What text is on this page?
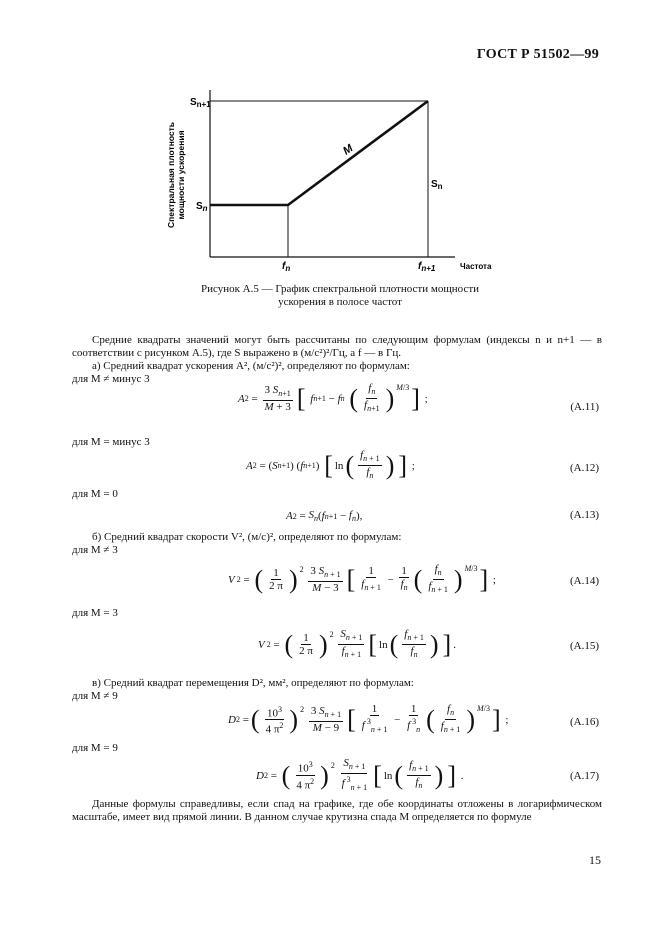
ГОСТ Р 51502—99
Спектральная плотность мощности ускорения
$S_{n+1}$
$S_n$
$f_n$	$f_{n+1}$	Частота
M
$S_n$
Рисунок А.5 — График спектральной плотности мощности
ускорения в полосе частот
Средние квадраты значений могут быть рассчитаны по следующим формулам (индексы n и n+1 — в соответствии с рисунком А.5), где S выражено в (м/с²)²/Гц, а f — в Гц.
а) Средний квадрат ускорения A², (м/с²)², определяют по формулам:
для M ≠ минус 3
A $2 = \frac{3 S_{n+1}}{M + 3}$ [
f n+1 − f n
( $\frac{f_n}{f_{n+1}}$ ) $^{M/3}$ ] ;
(А.11)
для M = минус 3
A 2 = ( S n+1 ) ( f n+1 ) [ ln ( $\frac{f_{n + 1}}{f_n}$ ) ] ;	(А.12)
для M = 0
A $2 = S_n$ ( f $n+1 - f_n$ ),	(А.13)
б) Средний квадрат скорости V², (м/с)², определяют по формулам:
для M ≠ 3
V 2 = ( $\frac{1}{2 \pi}$ ) $^2$
$\frac{3 S_{n + 1}}{M - 3}$ [ $\frac{1}{f_{n + 1}} - \frac{1}{f_n}$ ( $\frac{f_n}{f_{n + 1}}$ ) $^{M/3}$ ] ;	(А.14)
для M = 3
V 2 = ( $\frac{1}{2 \pi}$ ) $^2$
$\frac{S_{n + 1}}{f_{n + 1}}$ [ ln ( $\frac{f_{n + 1}}{f_n}$ ) ] .	(А.15)
в) Средний квадрат перемещения D², мм², определяют по формулам:
для M ≠ 9
D 2 = ( $\frac{10^3}{4 \pi^2}$ ) $^2$
$\frac{3 S_{n + 1}}{M - 9}$ [ $\frac{1}{f ^3_{n + 1}} - \frac{1}{f ^3_n}$ ( $\frac{f_n}{f_{n + 1}}$ ) $^{M/3}$ ] ;	(А.16)
для M = 9
D 2 = ( $\frac{10^3}{4 \pi^2}$ ) $^2$
$\frac{S_{n + 1}}{f ^3_{n + 1}}$ [ ln ( $\frac{f_{n + 1}}{f_n}$ ) ] .	(А.17)
Данные формулы справедливы, если спад на графике, где обе координаты отложены в логарифмическом масштабе, имеет вид прямой линии. В данном случае крутизна спада M определяется по формуле
15
